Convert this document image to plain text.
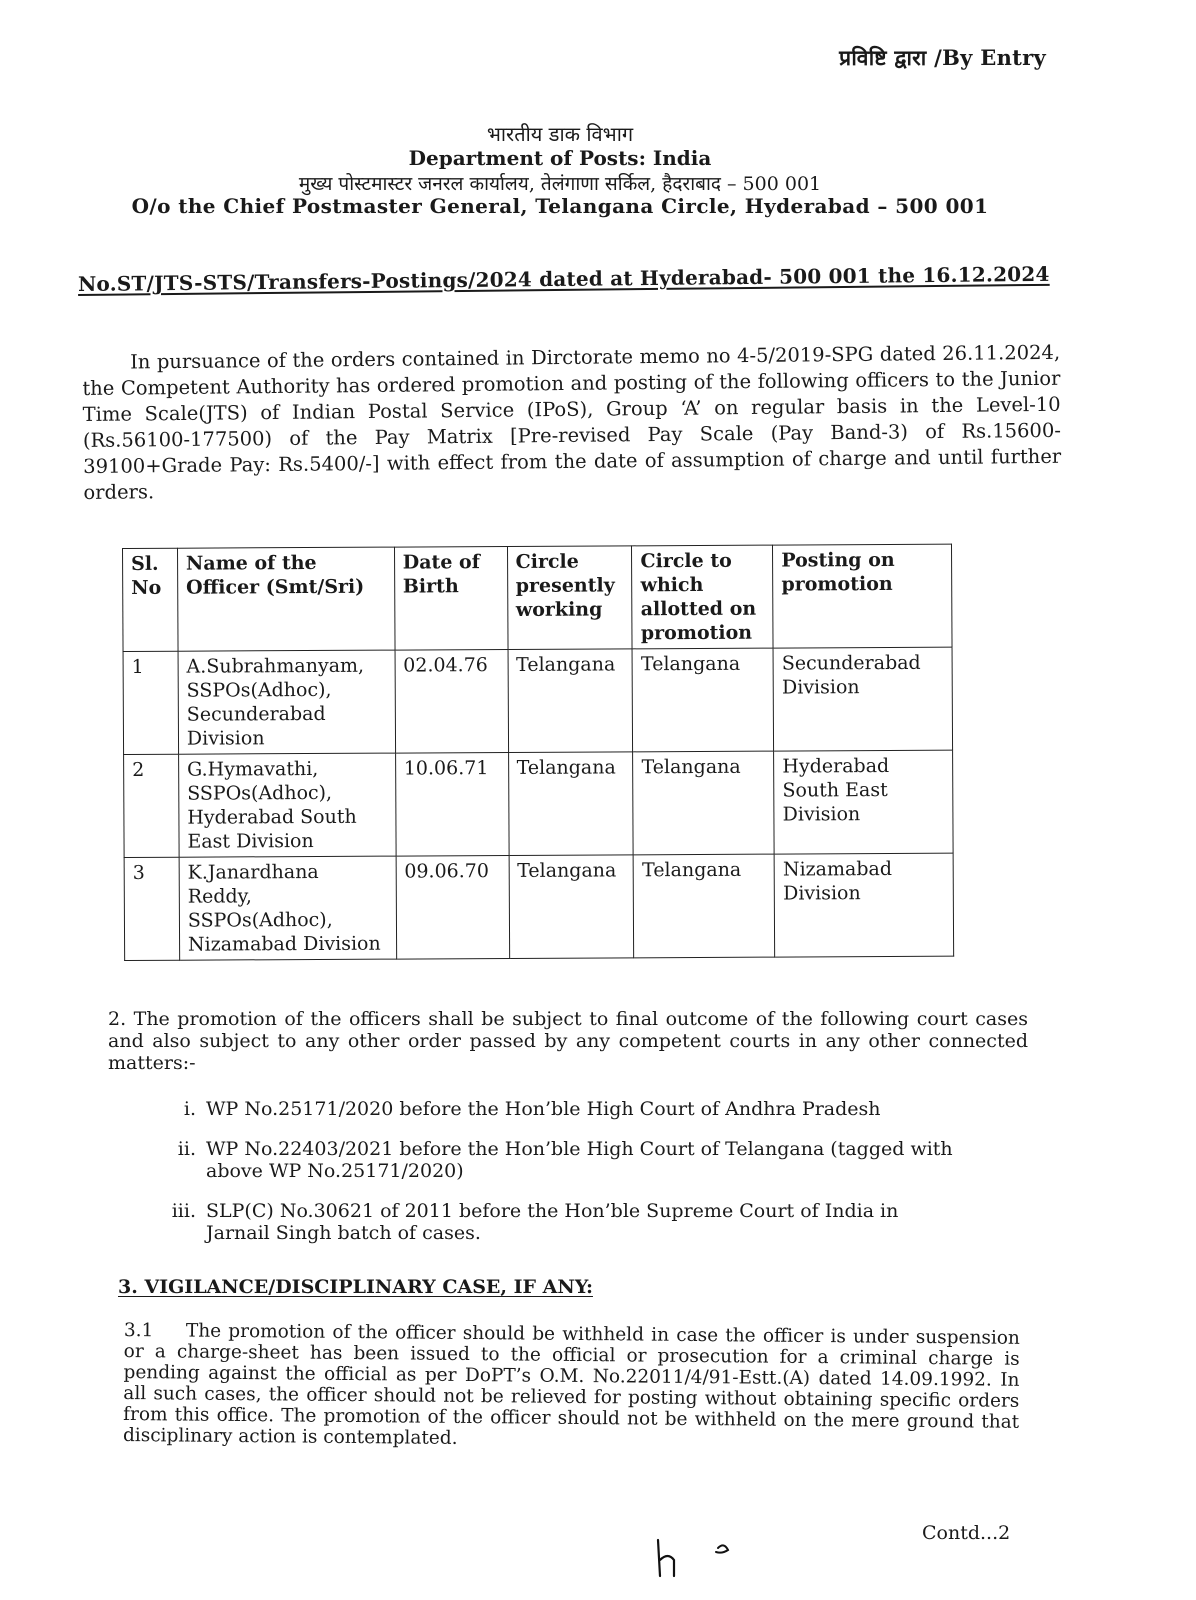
प्रविष्टि द्वारा /By Entry
भारतीय डाक विभाग
Department of Posts: India
मुख्य पोस्टमास्टर जनरल कार्यालय, तेलंगाणा सर्किल, हैदराबाद – 500 001
O/o the Chief Postmaster General, Telangana Circle, Hyderabad – 500 001
No.ST/JTS-STS/Transfers-Postings/2024 dated at Hyderabad- 500 001 the 16.12.2024
In pursuance of the orders contained in Dirctorate memo no 4-5/2019-SPG dated 26.11.2024, the Competent Authority has ordered promotion and posting of the following officers to the Junior Time Scale(JTS) of Indian Postal Service (IPoS), Group ‘A’ on regular basis in the Level-10 (Rs.56100-177500) of the Pay Matrix [Pre-revised Pay Scale (Pay Band-3) of Rs.15600-39100+Grade Pay: Rs.5400/-] with effect from the date of assumption of charge and until further orders.
Sl. No	Name of the Officer (Smt/Sri)	Date of Birth	Circle presently working	Circle to which allotted on promotion	Posting on promotion
1	A.Subrahmanyam, SSPOs(Adhoc), Secunderabad Division	02.04.76	Telangana	Telangana	Secunderabad Division
2	G.Hymavathi, SSPOs(Adhoc), Hyderabad South East Division	10.06.71	Telangana	Telangana	Hyderabad South East Division
3	K.Janardhana Reddy, SSPOs(Adhoc), Nizamabad Division	09.06.70	Telangana	Telangana	Nizamabad Division
2. The promotion of the officers shall be subject to final outcome of the following court cases and also subject to any other order passed by any competent courts in any other connected matters:-
i. WP No.25171/2020 before the Hon’ble High Court of Andhra Pradesh
ii. WP No.22403/2021 before the Hon’ble High Court of Telangana (tagged with above WP No.25171/2020)
iii. SLP(C) No.30621 of 2011 before the Hon’ble Supreme Court of India in Jarnail Singh batch of cases.
3. VIGILANCE/DISCIPLINARY CASE, IF ANY:
3.1 The promotion of the officer should be withheld in case the officer is under suspension or a charge-sheet has been issued to the official or prosecution for a criminal charge is pending against the official as per DoPT’s O.M. No.22011/4/91-Estt.(A) dated 14.09.1992. In all such cases, the officer should not be relieved for posting without obtaining specific orders from this office. The promotion of the officer should not be withheld on the mere ground that disciplinary action is contemplated.
Contd...2
